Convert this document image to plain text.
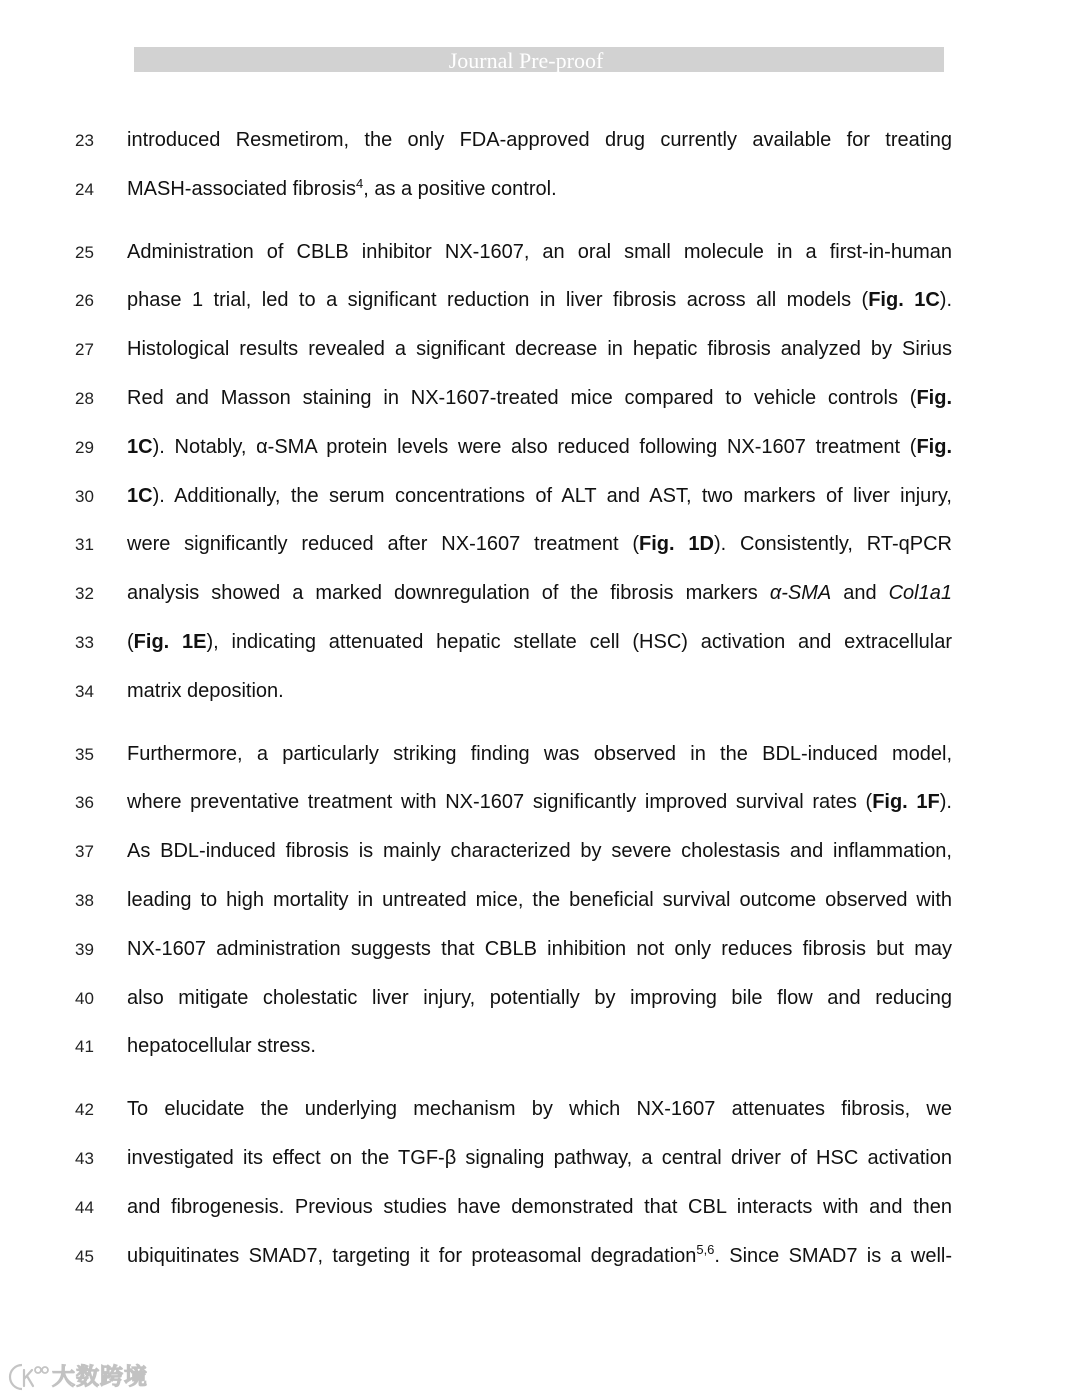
Journal Pre-proof
23 introduced Resmetirom, the only FDA-approved drug currently available for treating
24 MASH-associated fibrosis$^4$, as a positive control.
25 Administration of CBLB inhibitor NX-1607, an oral small molecule in a first-in-human
26 phase 1 trial, led to a significant reduction in liver fibrosis across all models (Fig. 1C).
27 Histological results revealed a significant decrease in hepatic fibrosis analyzed by Sirius
28 Red and Masson staining in NX-1607-treated mice compared to vehicle controls (Fig.
29 1C). Notably, α-SMA protein levels were also reduced following NX-1607 treatment (Fig.
30 1C). Additionally, the serum concentrations of ALT and AST, two markers of liver injury,
31 were significantly reduced after NX-1607 treatment (Fig. 1D). Consistently, RT-qPCR
32 analysis showed a marked downregulation of the fibrosis markers α-SMA and Col1a1
33 (Fig. 1E), indicating attenuated hepatic stellate cell (HSC) activation and extracellular
34 matrix deposition.
35 Furthermore, a particularly striking finding was observed in the BDL-induced model,
36 where preventative treatment with NX-1607 significantly improved survival rates (Fig. 1F).
37 As BDL-induced fibrosis is mainly characterized by severe cholestasis and inflammation,
38 leading to high mortality in untreated mice, the beneficial survival outcome observed with
39 NX-1607 administration suggests that CBLB inhibition not only reduces fibrosis but may
40 also mitigate cholestatic liver injury, potentially by improving bile flow and reducing
41 hepatocellular stress.
42 To elucidate the underlying mechanism by which NX-1607 attenuates fibrosis, we
43 investigated its effect on the TGF-β signaling pathway, a central driver of HSC activation
44 and fibrogenesis. Previous studies have demonstrated that CBL interacts with and then
45 ubiquitinates SMAD7, targeting it for proteasomal degradation$^{5,6}$. Since SMAD7 is a well-
大数跨境
